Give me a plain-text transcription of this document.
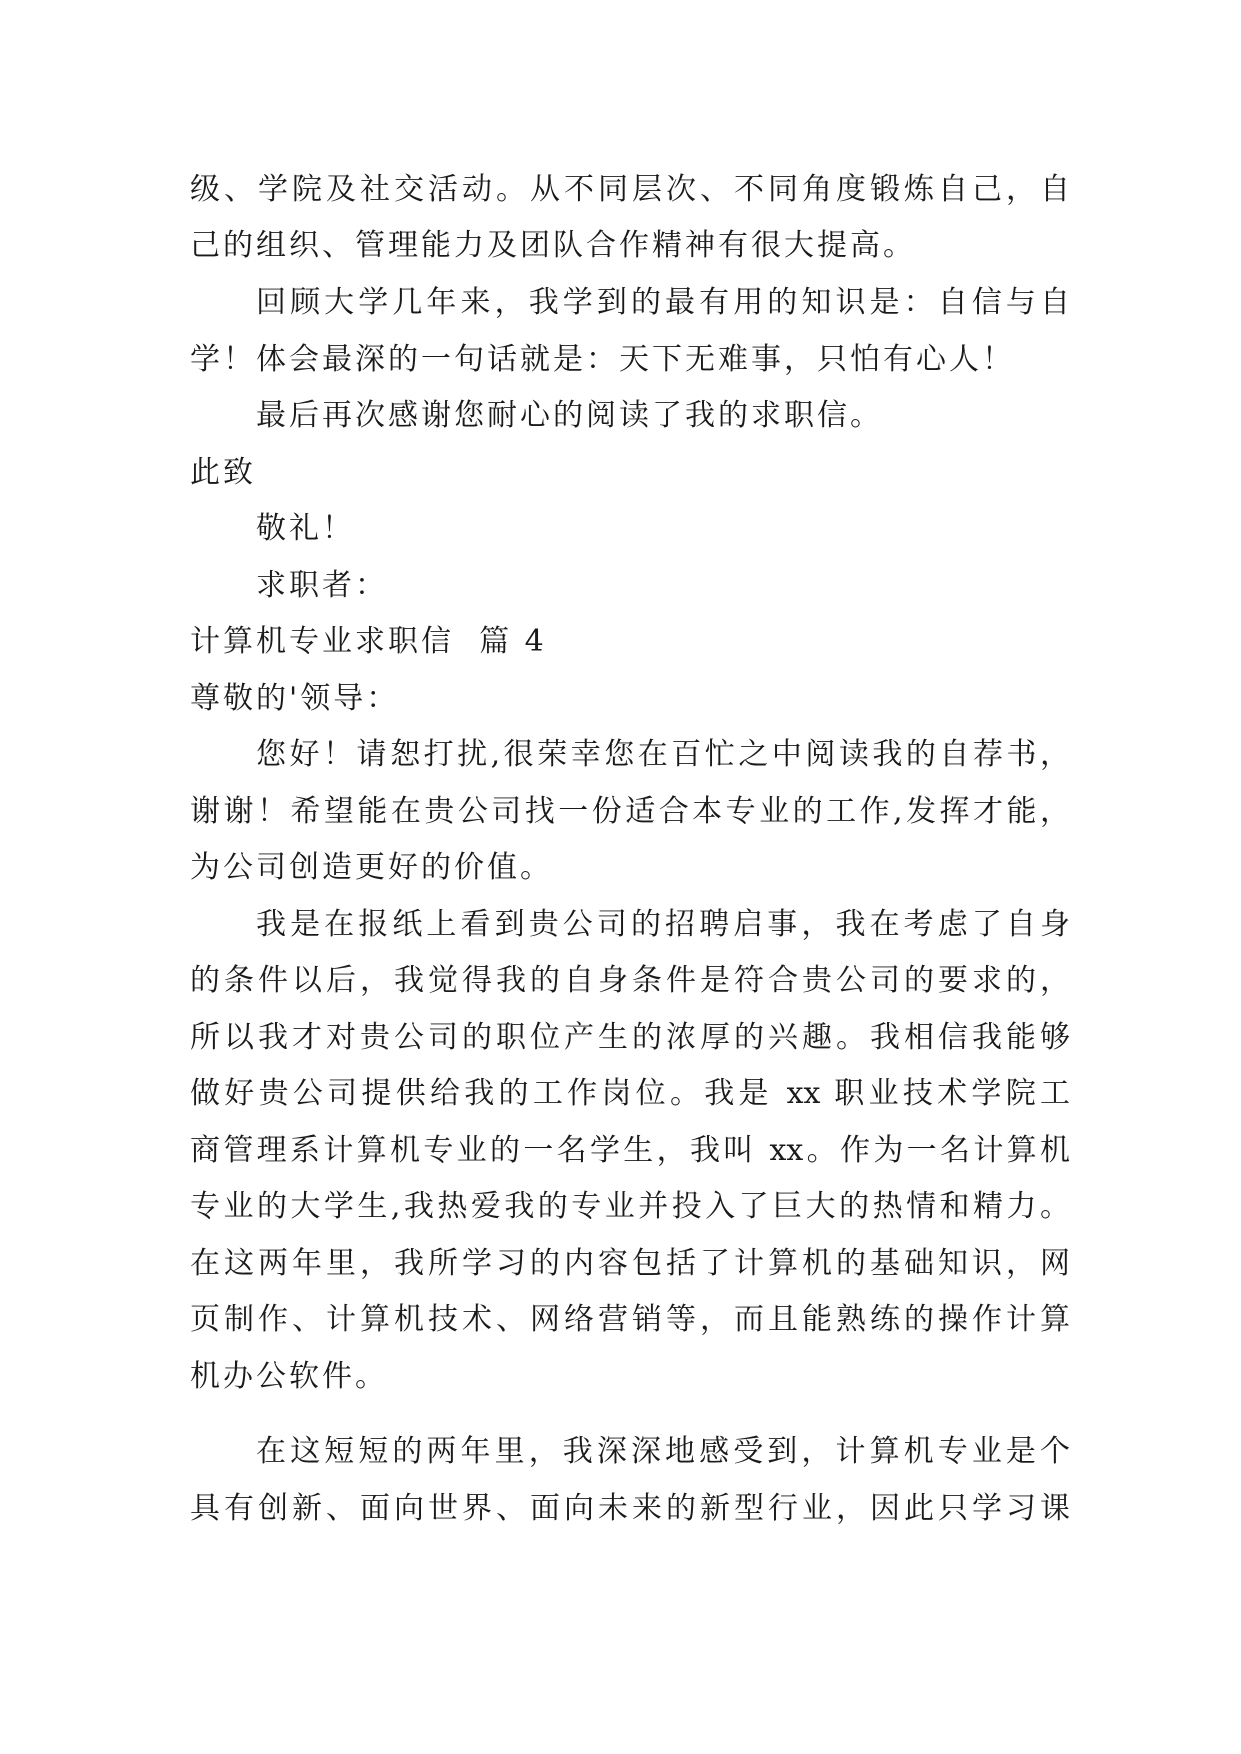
级、学院及社交活动。从不同层次、不同角度锻炼自己，自
己的组织、管理能力及团队合作精神有很大提高。
回顾大学几年来，我学到的最有用的知识是：自信与自
学！体会最深的一句话就是：天下无难事，只怕有心人！
最后再次感谢您耐心的阅读了我的求职信。
此致
敬礼！
求职者：
计算机专业求职信  篇 4
尊敬的'领导：
您好！请恕打扰,很荣幸您在百忙之中阅读我的自荐书，
谢谢！希望能在贵公司找一份适合本专业的工作,发挥才能，
为公司创造更好的价值。
我是在报纸上看到贵公司的招聘启事，我在考虑了自身
的条件以后，我觉得我的自身条件是符合贵公司的要求的，
所以我才对贵公司的职位产生的浓厚的兴趣。我相信我能够
做好贵公司提供给我的工作岗位。我是 xx 职业技术学院工
商管理系计算机专业的一名学生，我叫 xx。作为一名计算机
专业的大学生,我热爱我的专业并投入了巨大的热情和精力。
在这两年里，我所学习的内容包括了计算机的基础知识，网
页制作、计算机技术、网络营销等，而且能熟练的操作计算
机办公软件。
在这短短的两年里，我深深地感受到，计算机专业是个
具有创新、面向世界、面向未来的新型行业，因此只学习课
